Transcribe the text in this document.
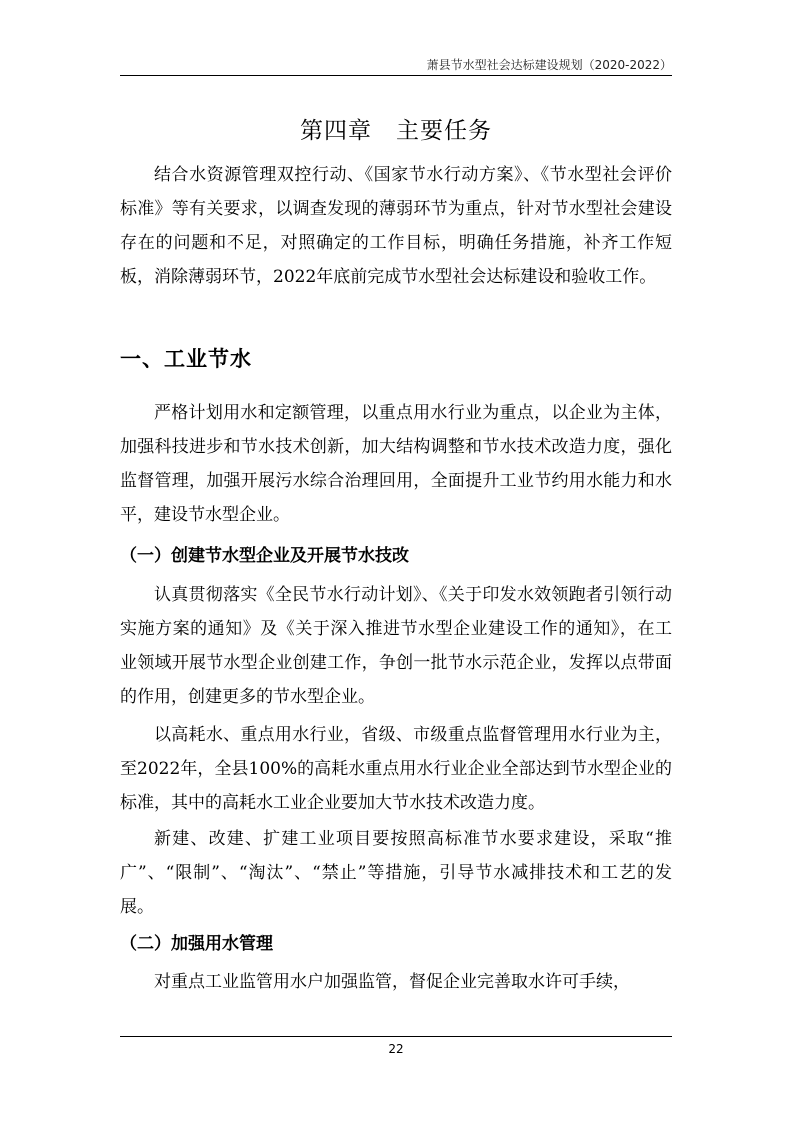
萧县节水型社会达标建设规划（2020-2022）
第四章　主要任务

结合水资源管理双控行动、《国家节水行动方案》、《节水型社会评价标准》等有关要求，以调查发现的薄弱环节为重点，针对节水型社会建设存在的问题和不足，对照确定的工作目标，明确任务措施，补齐工作短板，消除薄弱环节，2022年底前完成节水型社会达标建设和验收工作。

一、工业节水

严格计划用水和定额管理，以重点用水行业为重点，以企业为主体，加强科技进步和节水技术创新，加大结构调整和节水技术改造力度，强化监督管理，加强开展污水综合治理回用，全面提升工业节约用水能力和水平，建设节水型企业。

（一）创建节水型企业及开展节水技改

认真贯彻落实《全民节水行动计划》、《关于印发水效领跑者引领行动实施方案的通知》及《关于深入推进节水型企业建设工作的通知》，在工业领域开展节水型企业创建工作，争创一批节水示范企业，发挥以点带面的作用，创建更多的节水型企业。

以高耗水、重点用水行业，省级、市级重点监督管理用水行业为主，至2022年，全县100%的高耗水重点用水行业企业全部达到节水型企业的标准，其中的高耗水工业企业要加大节水技术改造力度。

新建、改建、扩建工业项目要按照高标准节水要求建设，采取“推广”、“限制”、“淘汰”、“禁止”等措施，引导节水减排技术和工艺的发展。

（二）加强用水管理

对重点工业监管用水户加强监管，督促企业完善取水许可手续，

22
